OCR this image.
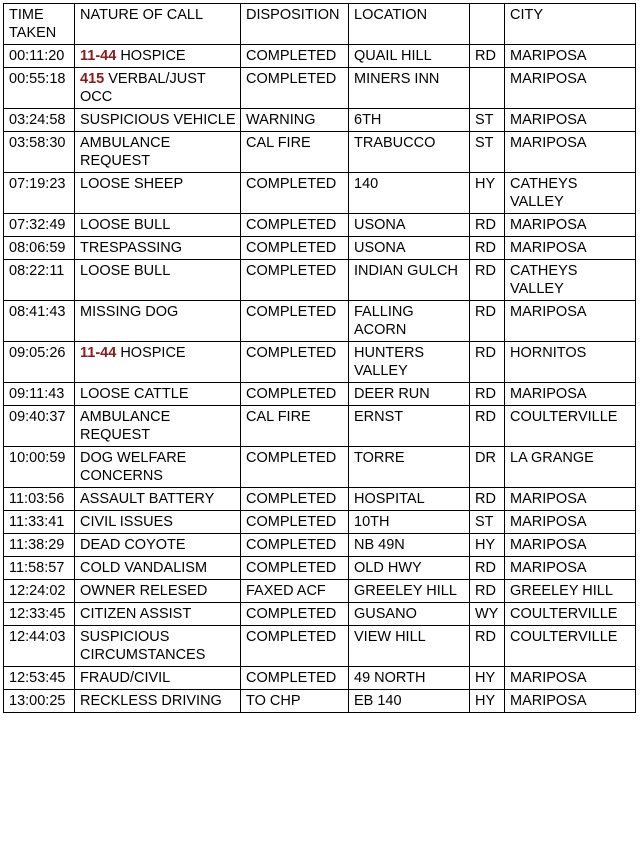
TIME TAKEN	NATURE OF CALL	DISPOSITION	LOCATION		CITY
00:11:20	11-44 HOSPICE	COMPLETED	QUAIL HILL	RD	MARIPOSA
00:55:18	415 VERBAL/JUST OCC	COMPLETED	MINERS INN		MARIPOSA
03:24:58	SUSPICIOUS VEHICLE	WARNING	6TH	ST	MARIPOSA
03:58:30	AMBULANCE REQUEST	CAL FIRE	TRABUCCO	ST	MARIPOSA
07:19:23	LOOSE SHEEP	COMPLETED	140	HY	CATHEYS VALLEY
07:32:49	LOOSE BULL	COMPLETED	USONA	RD	MARIPOSA
08:06:59	TRESPASSING	COMPLETED	USONA	RD	MARIPOSA
08:22:11	LOOSE BULL	COMPLETED	INDIAN GULCH	RD	CATHEYS VALLEY
08:41:43	MISSING DOG	COMPLETED	FALLING ACORN	RD	MARIPOSA
09:05:26	11-44 HOSPICE	COMPLETED	HUNTERS VALLEY	RD	HORNITOS
09:11:43	LOOSE CATTLE	COMPLETED	DEER RUN	RD	MARIPOSA
09:40:37	AMBULANCE REQUEST	CAL FIRE	ERNST	RD	COULTERVILLE
10:00:59	DOG WELFARE CONCERNS	COMPLETED	TORRE	DR	LA GRANGE
11:03:56	ASSAULT BATTERY	COMPLETED	HOSPITAL	RD	MARIPOSA
11:33:41	CIVIL ISSUES	COMPLETED	10TH	ST	MARIPOSA
11:38:29	DEAD COYOTE	COMPLETED	NB 49N	HY	MARIPOSA
11:58:57	COLD VANDALISM	COMPLETED	OLD HWY	RD	MARIPOSA
12:24:02	OWNER RELESED	FAXED ACF	GREELEY HILL	RD	GREELEY HILL
12:33:45	CITIZEN ASSIST	COMPLETED	GUSANO	WY	COULTERVILLE
12:44:03	SUSPICIOUS CIRCUMSTANCES	COMPLETED	VIEW HILL	RD	COULTERVILLE
12:53:45	FRAUD/CIVIL	COMPLETED	49 NORTH	HY	MARIPOSA
13:00:25	RECKLESS DRIVING	TO CHP	EB 140	HY	MARIPOSA
